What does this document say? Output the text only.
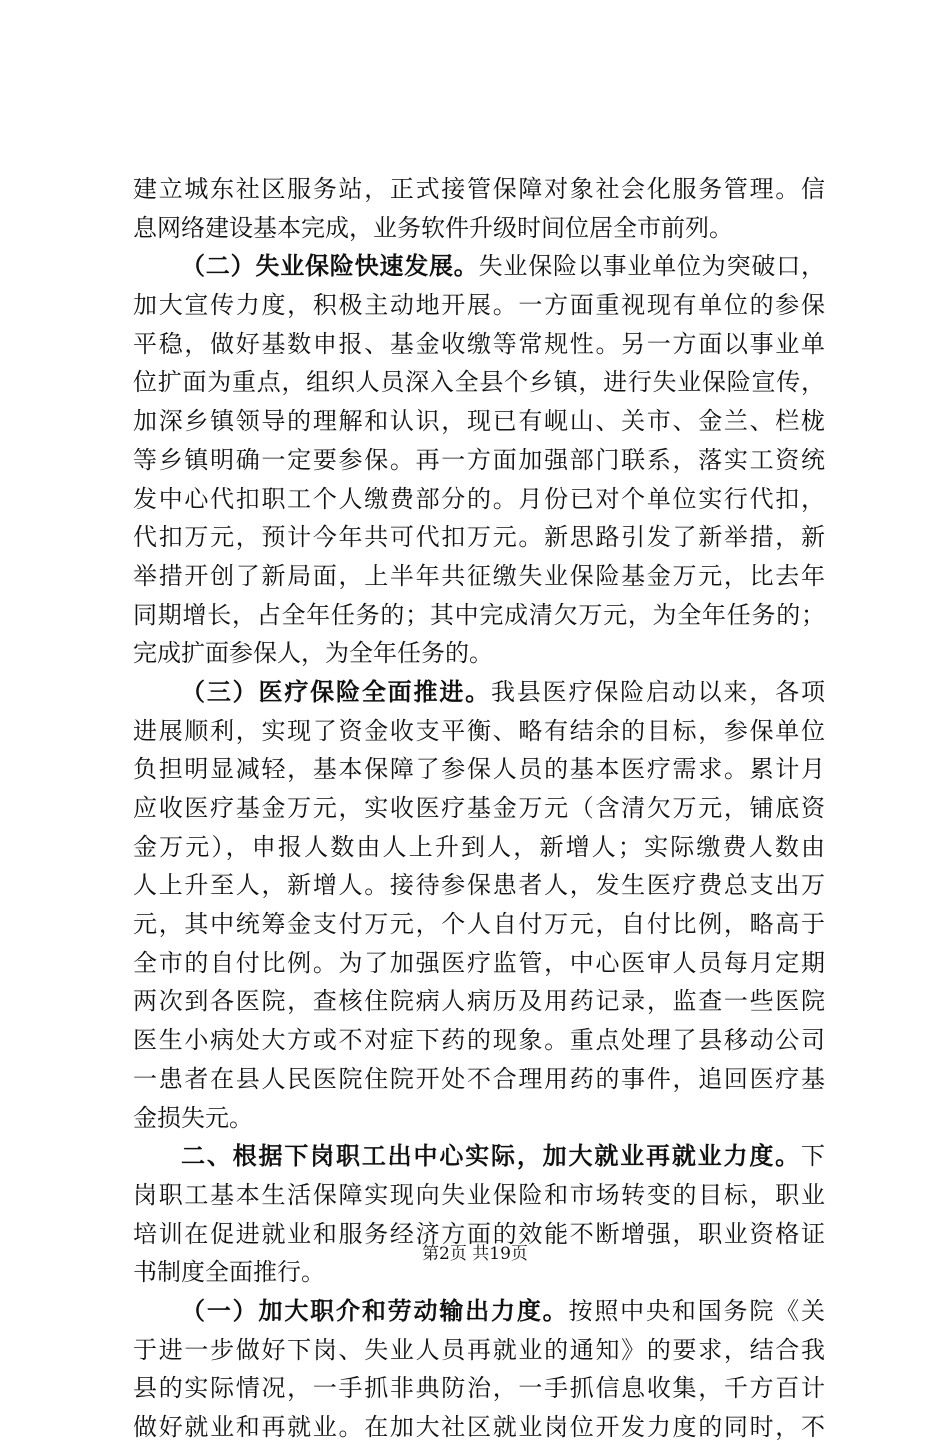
建立城东社区服务站，正式接管保障对象社会化服务管理。信
息网络建设基本完成，业务软件升级时间位居全市前列。
（二）失业保险快速发展。失业保险以事业单位为突破口，
加大宣传力度，积极主动地开展。一方面重视现有单位的参保
平稳，做好基数申报、基金收缴等常规性。另一方面以事业单
位扩面为重点，组织人员深入全县个乡镇，进行失业保险宣传，
加深乡镇领导的理解和认识，现已有岘山、关市、金兰、栏栊
等乡镇明确一定要参保。再一方面加强部门联系，落实工资统
发中心代扣职工个人缴费部分的。月份已对个单位实行代扣，
代扣万元，预计今年共可代扣万元。新思路引发了新举措，新
举措开创了新局面，上半年共征缴失业保险基金万元，比去年
同期增长，占全年任务的；其中完成清欠万元，为全年任务的；
完成扩面参保人，为全年任务的。
（三）医疗保险全面推进。我县医疗保险启动以来，各项
进展顺利，实现了资金收支平衡、略有结余的目标，参保单位
负担明显减轻，基本保障了参保人员的基本医疗需求。累计月
应收医疗基金万元，实收医疗基金万元（含清欠万元，铺底资
金万元），申报人数由人上升到人，新增人；实际缴费人数由
人上升至人，新增人。接待参保患者人，发生医疗费总支出万
元，其中统筹金支付万元，个人自付万元，自付比例，略高于
全市的自付比例。为了加强医疗监管，中心医审人员每月定期
两次到各医院，查核住院病人病历及用药记录，监查一些医院
医生小病处大方或不对症下药的现象。重点处理了县移动公司
一患者在县人民医院住院开处不合理用药的事件，追回医疗基
金损失元。
二、根据下岗职工出中心实际，加大就业再就业力度。下
岗职工基本生活保障实现向失业保险和市场转变的目标，职业
培训在促进就业和服务经济方面的效能不断增强，职业资格证
书制度全面推行。
（一）加大职介和劳动输出力度。按照中央和国务院《关
于进一步做好下岗、失业人员再就业的通知》的要求，结合我
县的实际情况，一手抓非典防治，一手抓信息收集，千方百计
做好就业和再就业。在加大社区就业岗位开发力度的同时，不
第2页 共19页
